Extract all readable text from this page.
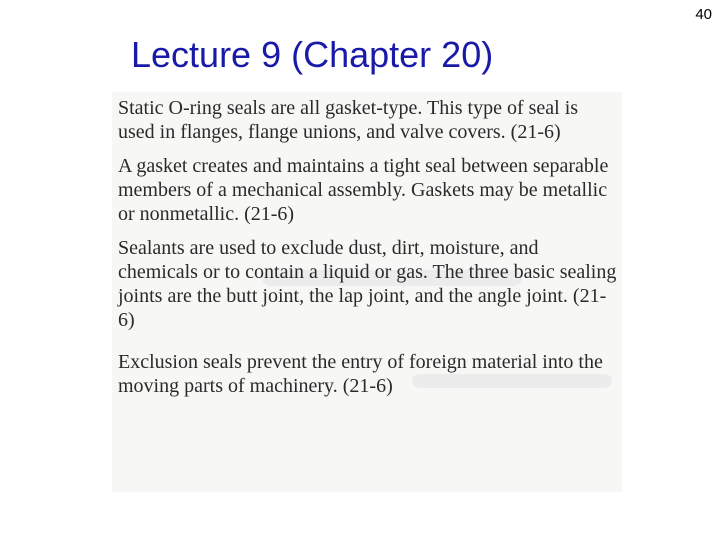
40
Lecture 9 (Chapter 20)

Static O-ring seals are all gasket-type. This type of seal is used in flanges, flange unions, and valve covers. (21-6)

A gasket creates and maintains a tight seal between separable members of a mechanical assembly. Gaskets may be metallic or nonmetallic. (21-6)

Sealants are used to exclude dust, dirt, moisture, and chemicals or to contain a liquid or gas. The three basic sealing joints are the butt joint, the lap joint, and the angle joint. (21-6)

Exclusion seals prevent the entry of foreign material into the moving parts of machinery. (21-6)
